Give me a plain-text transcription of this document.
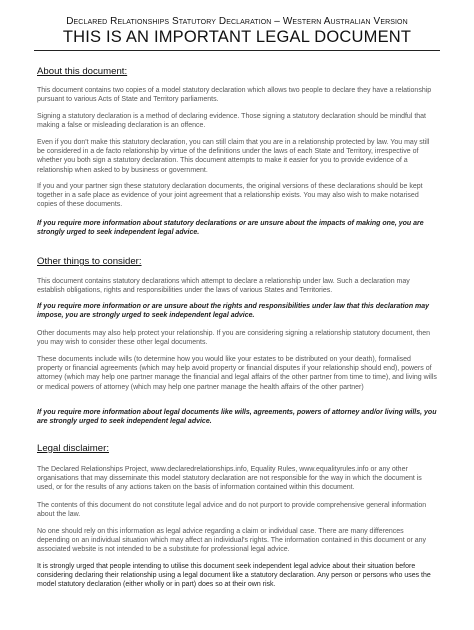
Declared Relationships Statutory Declaration – Western Australian Version
THIS IS AN IMPORTANT LEGAL DOCUMENT
About this document:

This document contains two copies of a model statutory declaration which allows two people to declare they have a relationship pursuant to various Acts of State and Territory parliaments.

Signing a statutory declaration is a method of declaring evidence. Those signing a statutory declaration should be mindful that making a false or misleading declaration is an offence.

Even if you don't make this statutory declaration, you can still claim that you are in a relationship protected by law. You may still be considered in a de facto relationship by virtue of the definitions under the laws of each State and Territory, irrespective of whether you both sign a statutory declaration. This document attempts to make it easier for you to provide evidence of a relationship when asked to by business or government.

If you and your partner sign these statutory declaration documents, the original versions of these declarations should be kept together in a safe place as evidence of your joint agreement that a relationship exists. You may also wish to make notarised copies of these documents.

If you require more information about statutory declarations or are unsure about the impacts of making one, you are strongly urged to seek independent legal advice.

Other things to consider:

This document contains statutory declarations which attempt to declare a relationship under law. Such a declaration may establish obligations, rights and responsibilities under the laws of various States and Territories.

If you require more information or are unsure about the rights and responsibilities under law that this declaration may impose, you are strongly urged to seek independent legal advice.

Other documents may also help protect your relationship. If you are considering signing a relationship statutory document, then you may wish to consider these other legal documents.

These documents include wills (to determine how you would like your estates to be distributed on your death), formalised property or financial agreements (which may help avoid property or financial disputes if your relationship should end), powers of attorney (which may help one partner manage the financial and legal affairs of the other partner from time to time), and living wills or medical powers of attorney (which may help one partner manage the health affairs of the other partner)

If you require more information about legal documents like wills, agreements, powers of attorney and/or living wills, you are strongly urged to seek independent legal advice.

Legal disclaimer:

The Declared Relationships Project, www.declaredrelationships.info, Equality Rules, www.equalityrules.info or any other organisations that may disseminate this model statutory declaration are not responsible for the way in which the document is used, or for the results of any actions taken on the basis of information contained within this document.

The contents of this document do not constitute legal advice and do not purport to provide comprehensive general information about the law.

No one should rely on this information as legal advice regarding a claim or individual case. There are many differences depending on an individual situation which may affect an individual's rights. The information contained in this document or any associated website is not intended to be a substitute for professional legal advice.

It is strongly urged that people intending to utilise this document seek independent legal advice about their situation before considering declaring their relationship using a legal document like a statutory declaration. Any person or persons who uses the model statutory declaration (either wholly or in part) does so at their own risk.
